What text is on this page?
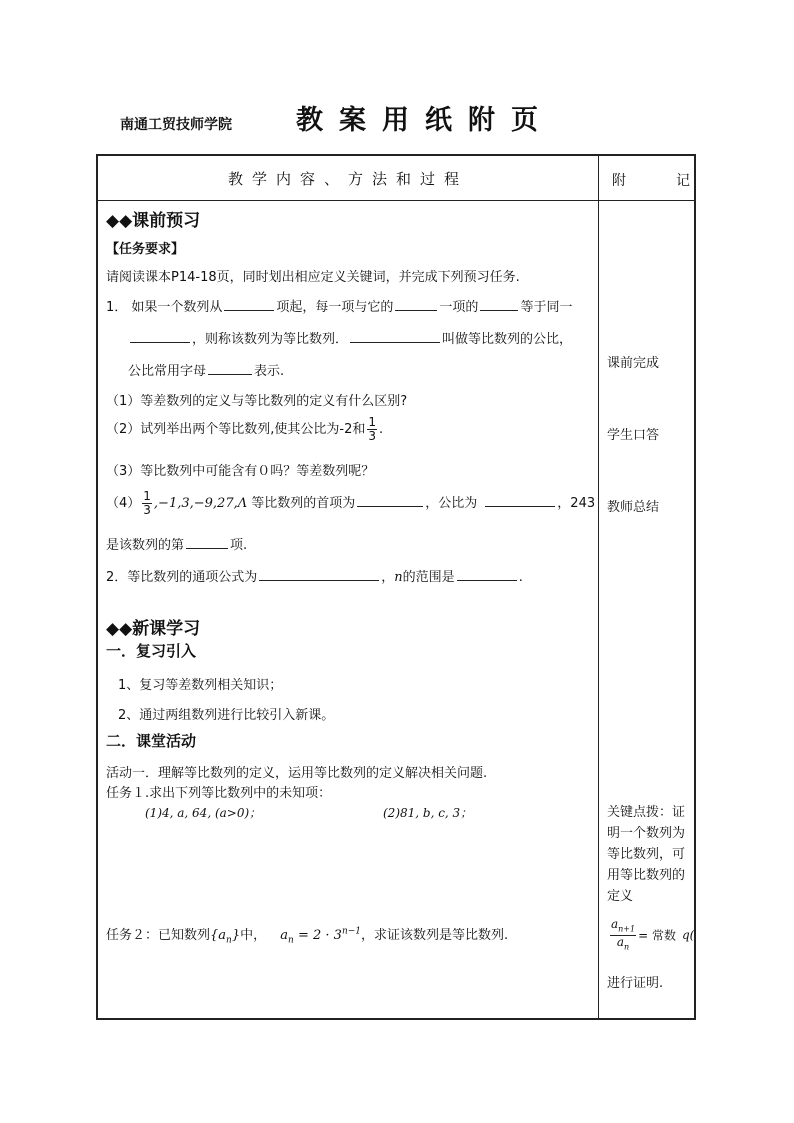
南通工贸技师学院 教案用纸附页
教学内容、方法和过程	附	记
◆◆课前预习
【任务要求】
请阅读课本P14-18页，同时划出相应定义关键词，并完成下列预习任务.
1． 如果一个数列从	项起，每一项与它的	一项的	等于同一
，则称该数列为等比数列．	叫做等比数列的公比，
公比常用字母	表示.
（1）等差数列的定义与等比数列的定义有什么区别?
（2）试列举出两个等比数列,使其公比为-2和 $\frac{1}{3}$ .
（3）等比数列中可能含有０吗？等差数列呢？
$(4) \frac{1}{3} ,-1,3,-9,27,\Lambda$ 等比数列的首项为	，公比为	，243
是该数列的第	项.
2．等比数列的通项公式为	，n的范围是	.
◆◆新课学习
一．复习引入
1、复习等差数列相关知识；
2、通过两组数列进行比较引入新课。
二．课堂活动
活动一．理解等比数列的定义，运用等比数列的定义解决相关问题.
任务１.求出下列等比数列中的未知项：
(1)4, a, 64, (a>0)；	(2)81, b, c, 3；
任务２：已知数列$\{a_n\}$中， $a_n = 2 \cdot 3^{n-1}$，求证该数列是等比数列.
课前完成
学生口答
教师总结
关键点拨：证明一个数列为等比数列，可用等比数列的定义
$\frac{a_{n+1}}{a_n}$ = 常数 q(
进行证明.
